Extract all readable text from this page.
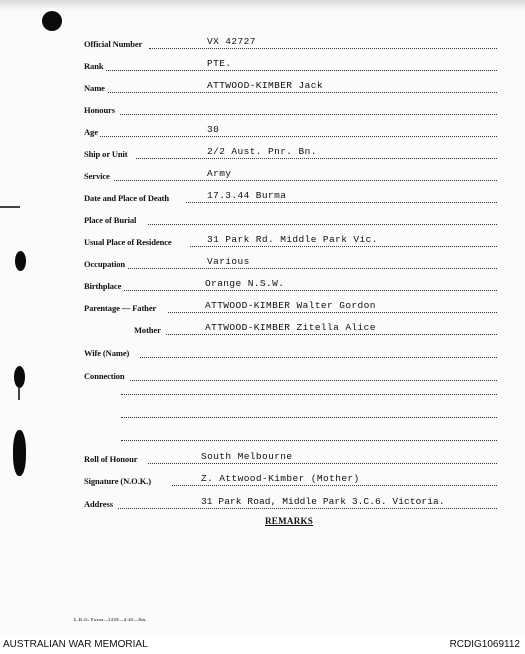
Official Number	VX 42727
Rank	PTE.
Name	ATTWOOD-KIMBER Jack
Honours
Age	30
Ship or Unit	2/2 Aust. Pnr. Bn.
Service	Army
Date and Place of Death	17.3.44 Burma
Place of Burial
Usual Place of Residence	31 Park Rd. Middle Park Vic.
Occupation	Various
Birthplace	Orange N.S.W.
Parentage — Father	ATTWOOD-KIMBER Walter Gordon
Mother	ATTWOOD-KIMBER Zitella Alice
Wife (Name)
Connection
Roll of Honour	South Melbourne
Signature (N.O.K.)	Z. Attwood-Kimber (Mother)
Address	31 Park Road, Middle Park 3.C.6. Victoria.
REMARKS
L.R.G. Form—2259—4-45—8m.
AUSTRALIAN WAR MEMORIAL	RCDIG1069112
